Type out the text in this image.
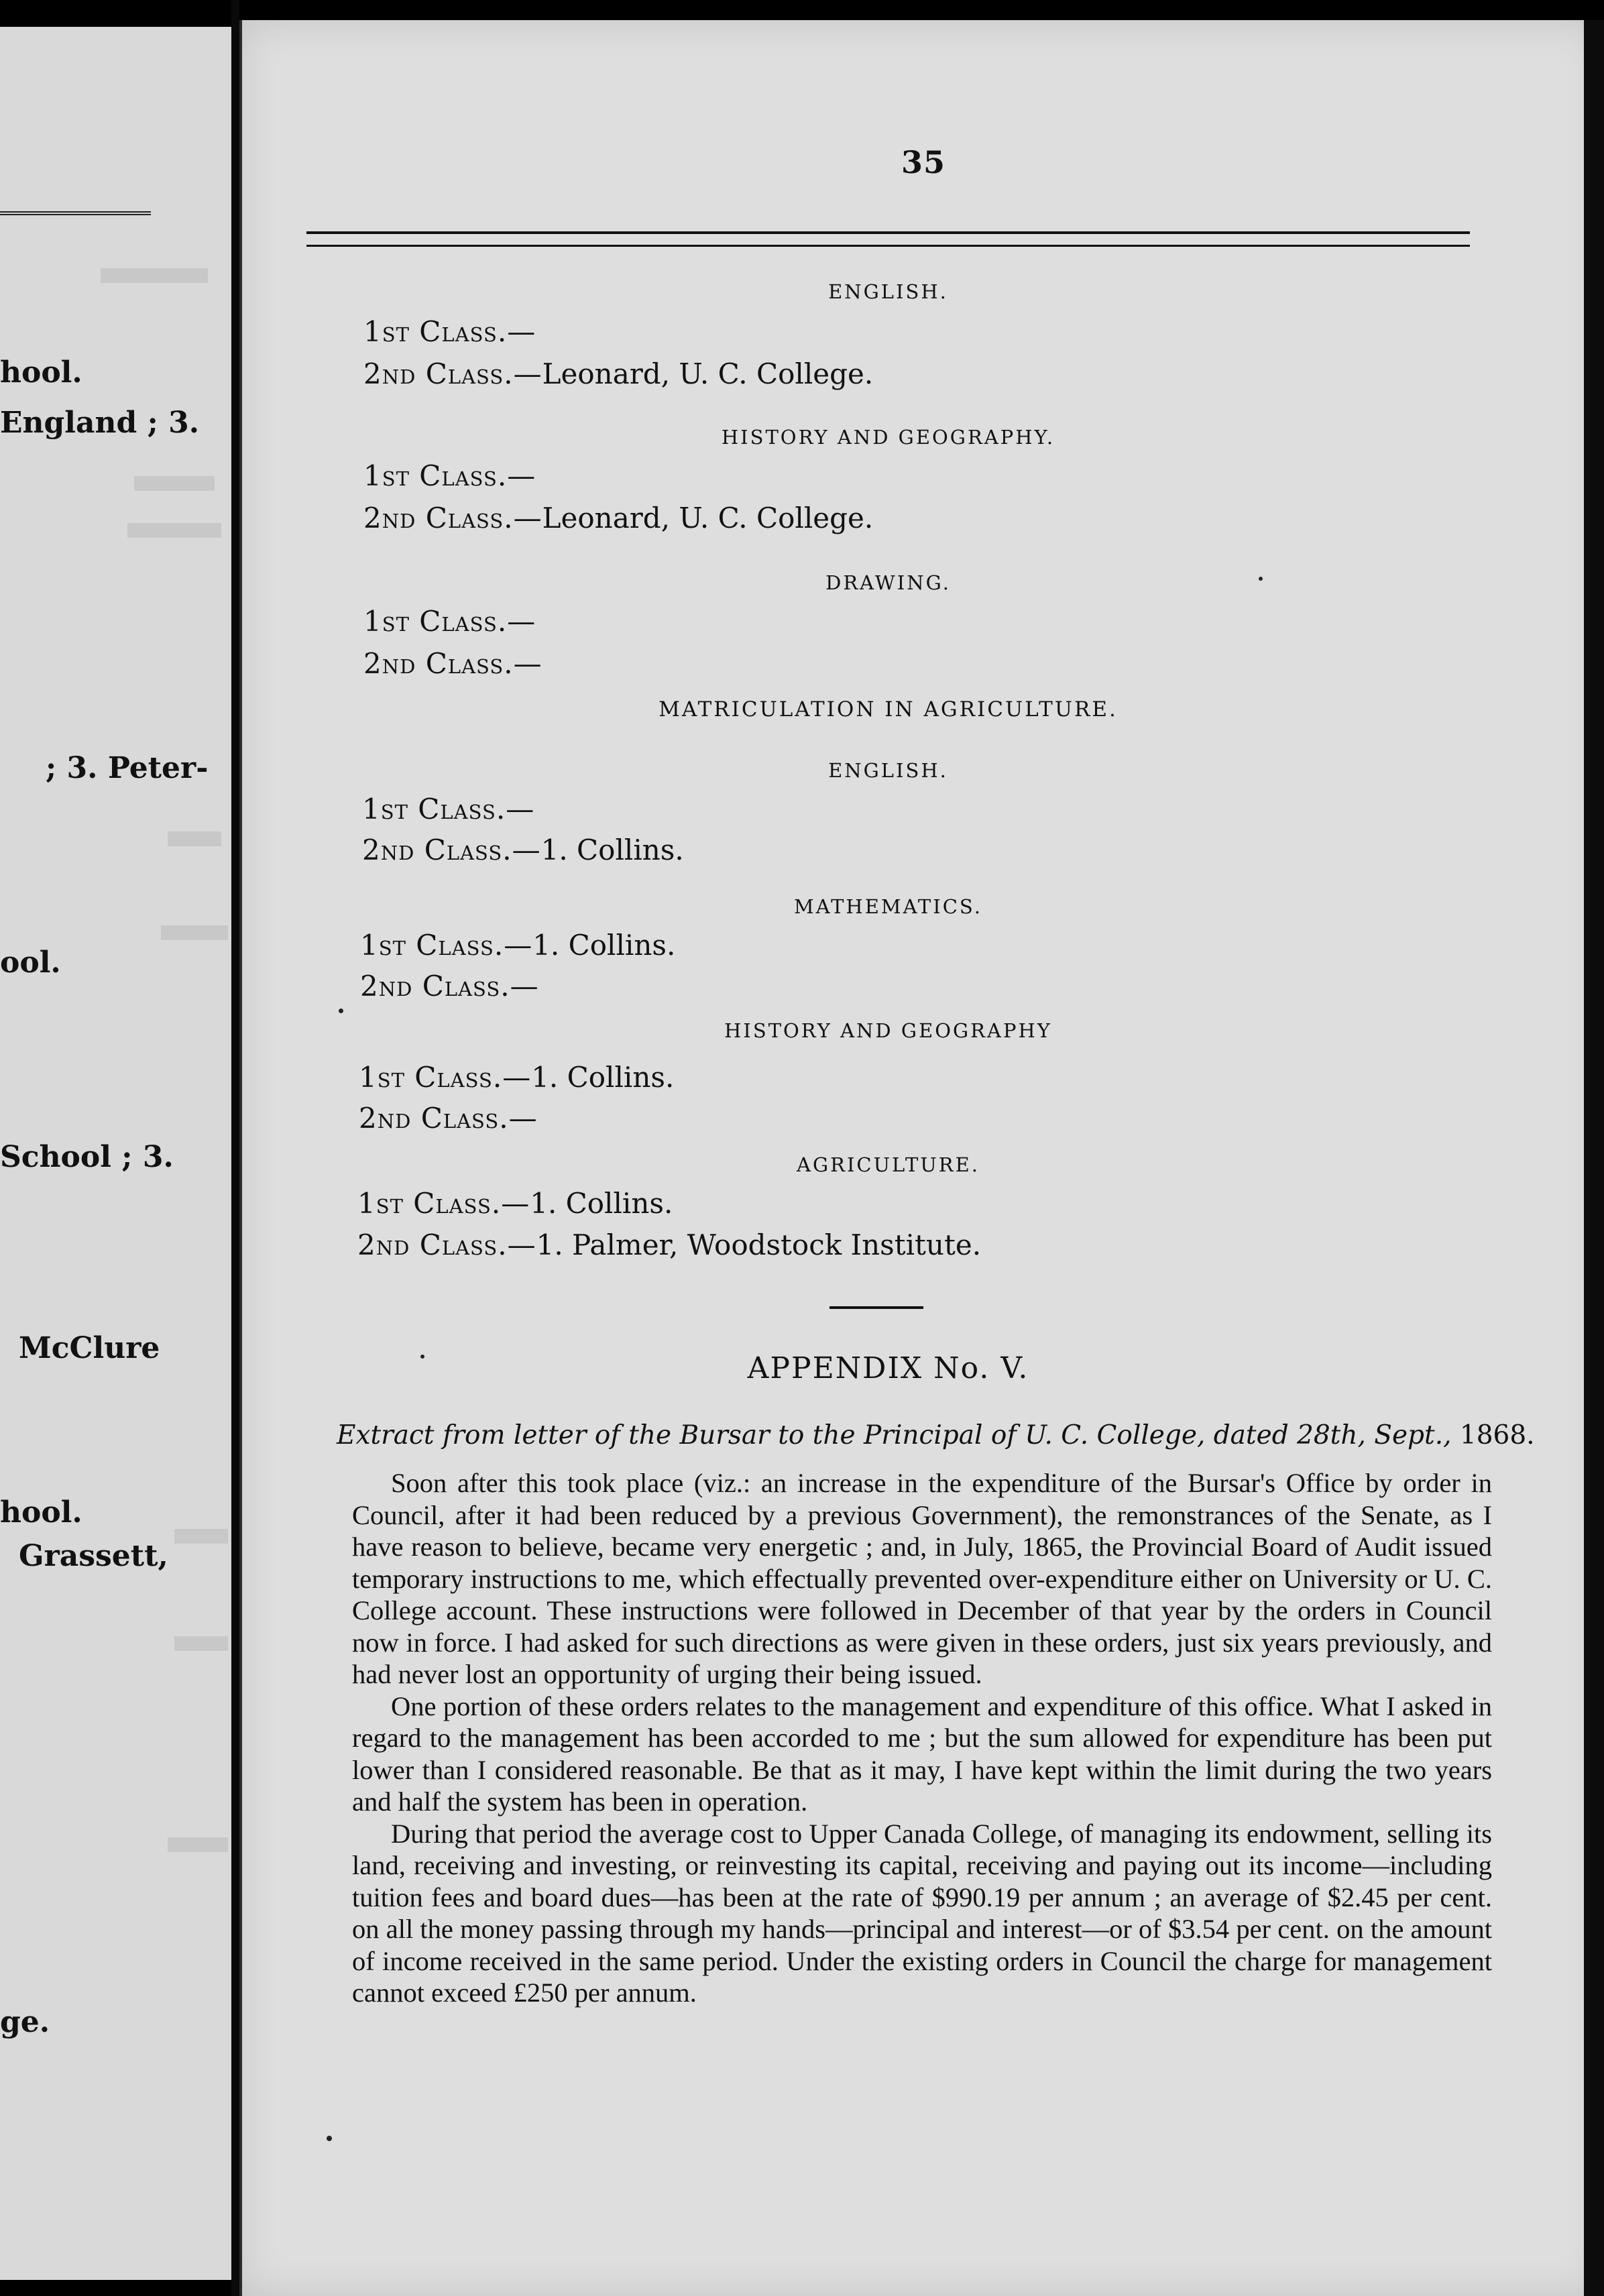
hool.
England ; 3.
; 3. Peter-
ool.
School ; 3.
McClure
hool.
Grassett,
ge.
35
ENGLISH.
1st Class.—
2nd Class.—Leonard, U. C. College.
HISTORY AND GEOGRAPHY.
1st Class.—
2nd Class.—Leonard, U. C. College.
DRAWING.
1st Class.—
2nd Class.—
MATRICULATION IN AGRICULTURE.
ENGLISH.
1st Class.—
2nd Class.—1. Collins.
MATHEMATICS.
1st Class.—1. Collins.
2nd Class.—
HISTORY AND GEOGRAPHY
1st Class.—1. Collins.
2nd Class.—
AGRICULTURE.
1st Class.—1. Collins.
2nd Class.—1. Palmer, Woodstock Institute.
APPENDIX No. V.
Extract from letter of the Bursar to the Principal of U. C. College, dated 28th, Sept., 1868.

Soon after this took place (viz.: an increase in the expenditure of the Bursar's Office by order in Council, after it had been reduced by a previous Government), the remonstrances of the Senate, as I have reason to believe, became very energetic ; and, in July, 1865, the Provincial Board of Audit issued temporary instructions to me, which effectually prevented over-expenditure either on University or U. C. College account. These instructions were followed in December of that year by the orders in Council now in force. I had asked for such directions as were given in these orders, just six years previously, and had never lost an opportunity of urging their being issued.

One portion of these orders relates to the management and expenditure of this office. What I asked in regard to the management has been accorded to me ; but the sum allowed for expenditure has been put lower than I considered reasonable. Be that as it may, I have kept within the limit during the two years and half the system has been in operation.

During that period the average cost to Upper Canada College, of managing its endowment, selling its land, receiving and investing, or reinvesting its capital, receiving and paying out its income—including tuition fees and board dues—has been at the rate of $990.19 per annum ; an average of $2.45 per cent. on all the money passing through my hands—principal and interest—or of $3.54 per cent. on the amount of income received in the same period. Under the existing orders in Council the charge for management cannot exceed £250 per annum.
